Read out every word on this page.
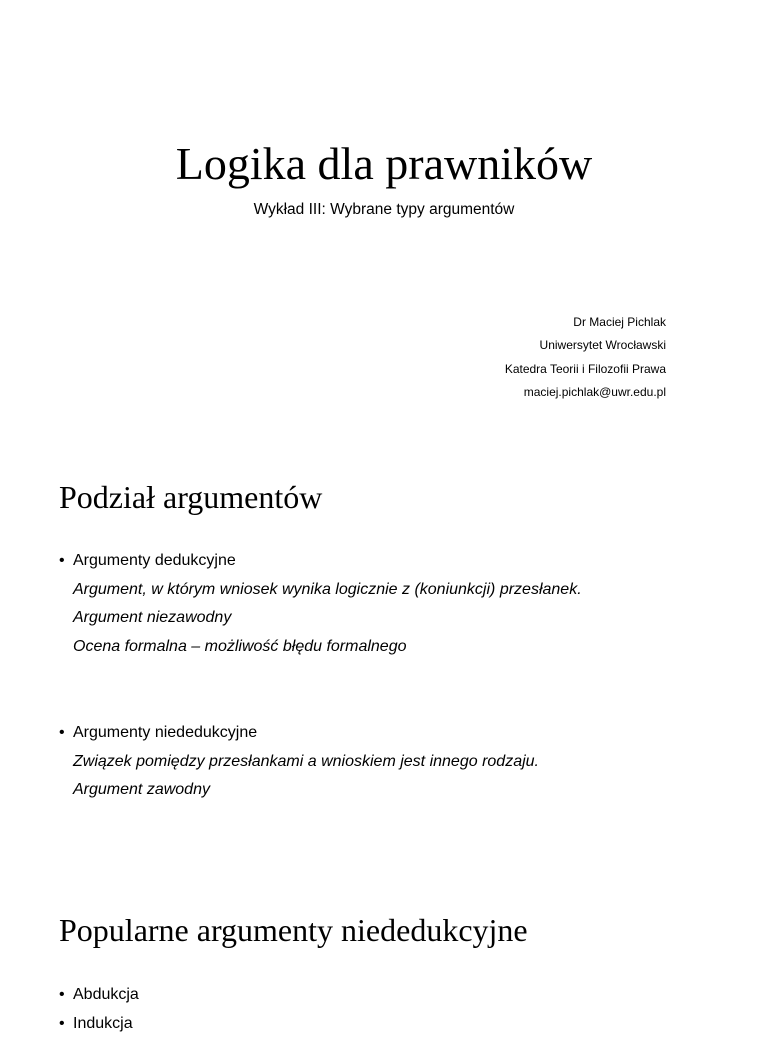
Logika dla prawników
Wykład III: Wybrane typy argumentów
Dr Maciej Pichlak
Uniwersytet Wrocławski
Katedra Teorii i Filozofii Prawa
maciej.pichlak@uwr.edu.pl
Podział argumentów
• Argumenty dedukcyjne
Argument, w którym wniosek wynika logicznie z (koniunkcji) przesłanek.
Argument niezawodny
Ocena formalna – możliwość błędu formalnego
• Argumenty niededukcyjne
Związek pomiędzy przesłankami a wnioskiem jest innego rodzaju.
Argument zawodny
Popularne argumenty niededukcyjne
• Abdukcja
• Indukcja
